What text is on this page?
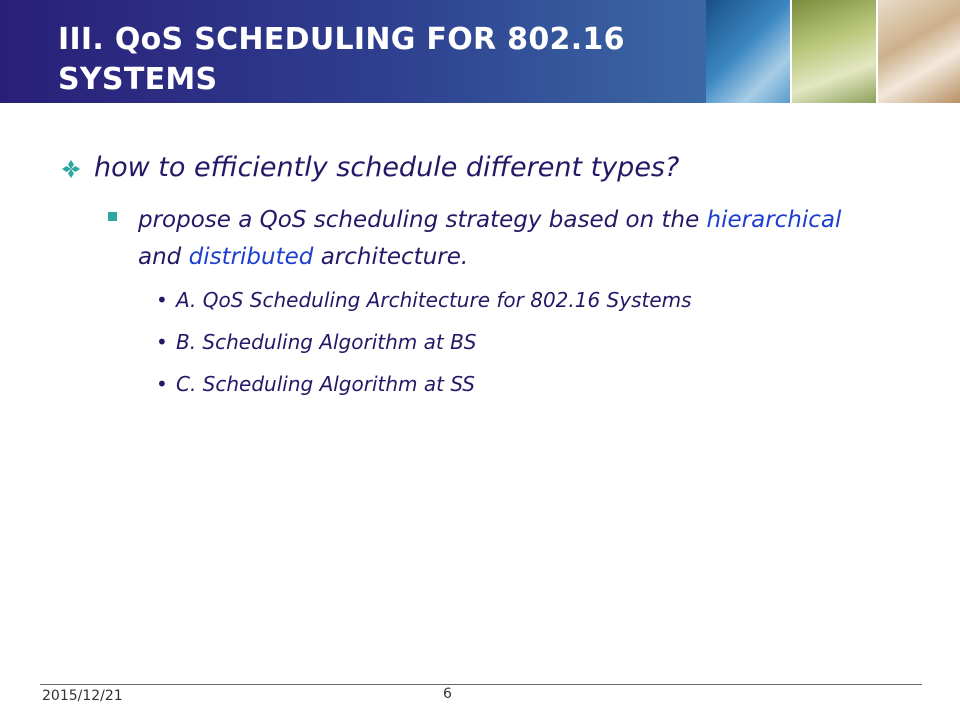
III. QoS SCHEDULING FOR 802.16
SYSTEMS
how to efficiently schedule different types?
propose a QoS scheduling strategy based on the hierarchical and distributed architecture.
• A. QoS Scheduling Architecture for 802.16 Systems
• B. Scheduling Algorithm at BS
• C. Scheduling Algorithm at SS
2015/12/21	6
